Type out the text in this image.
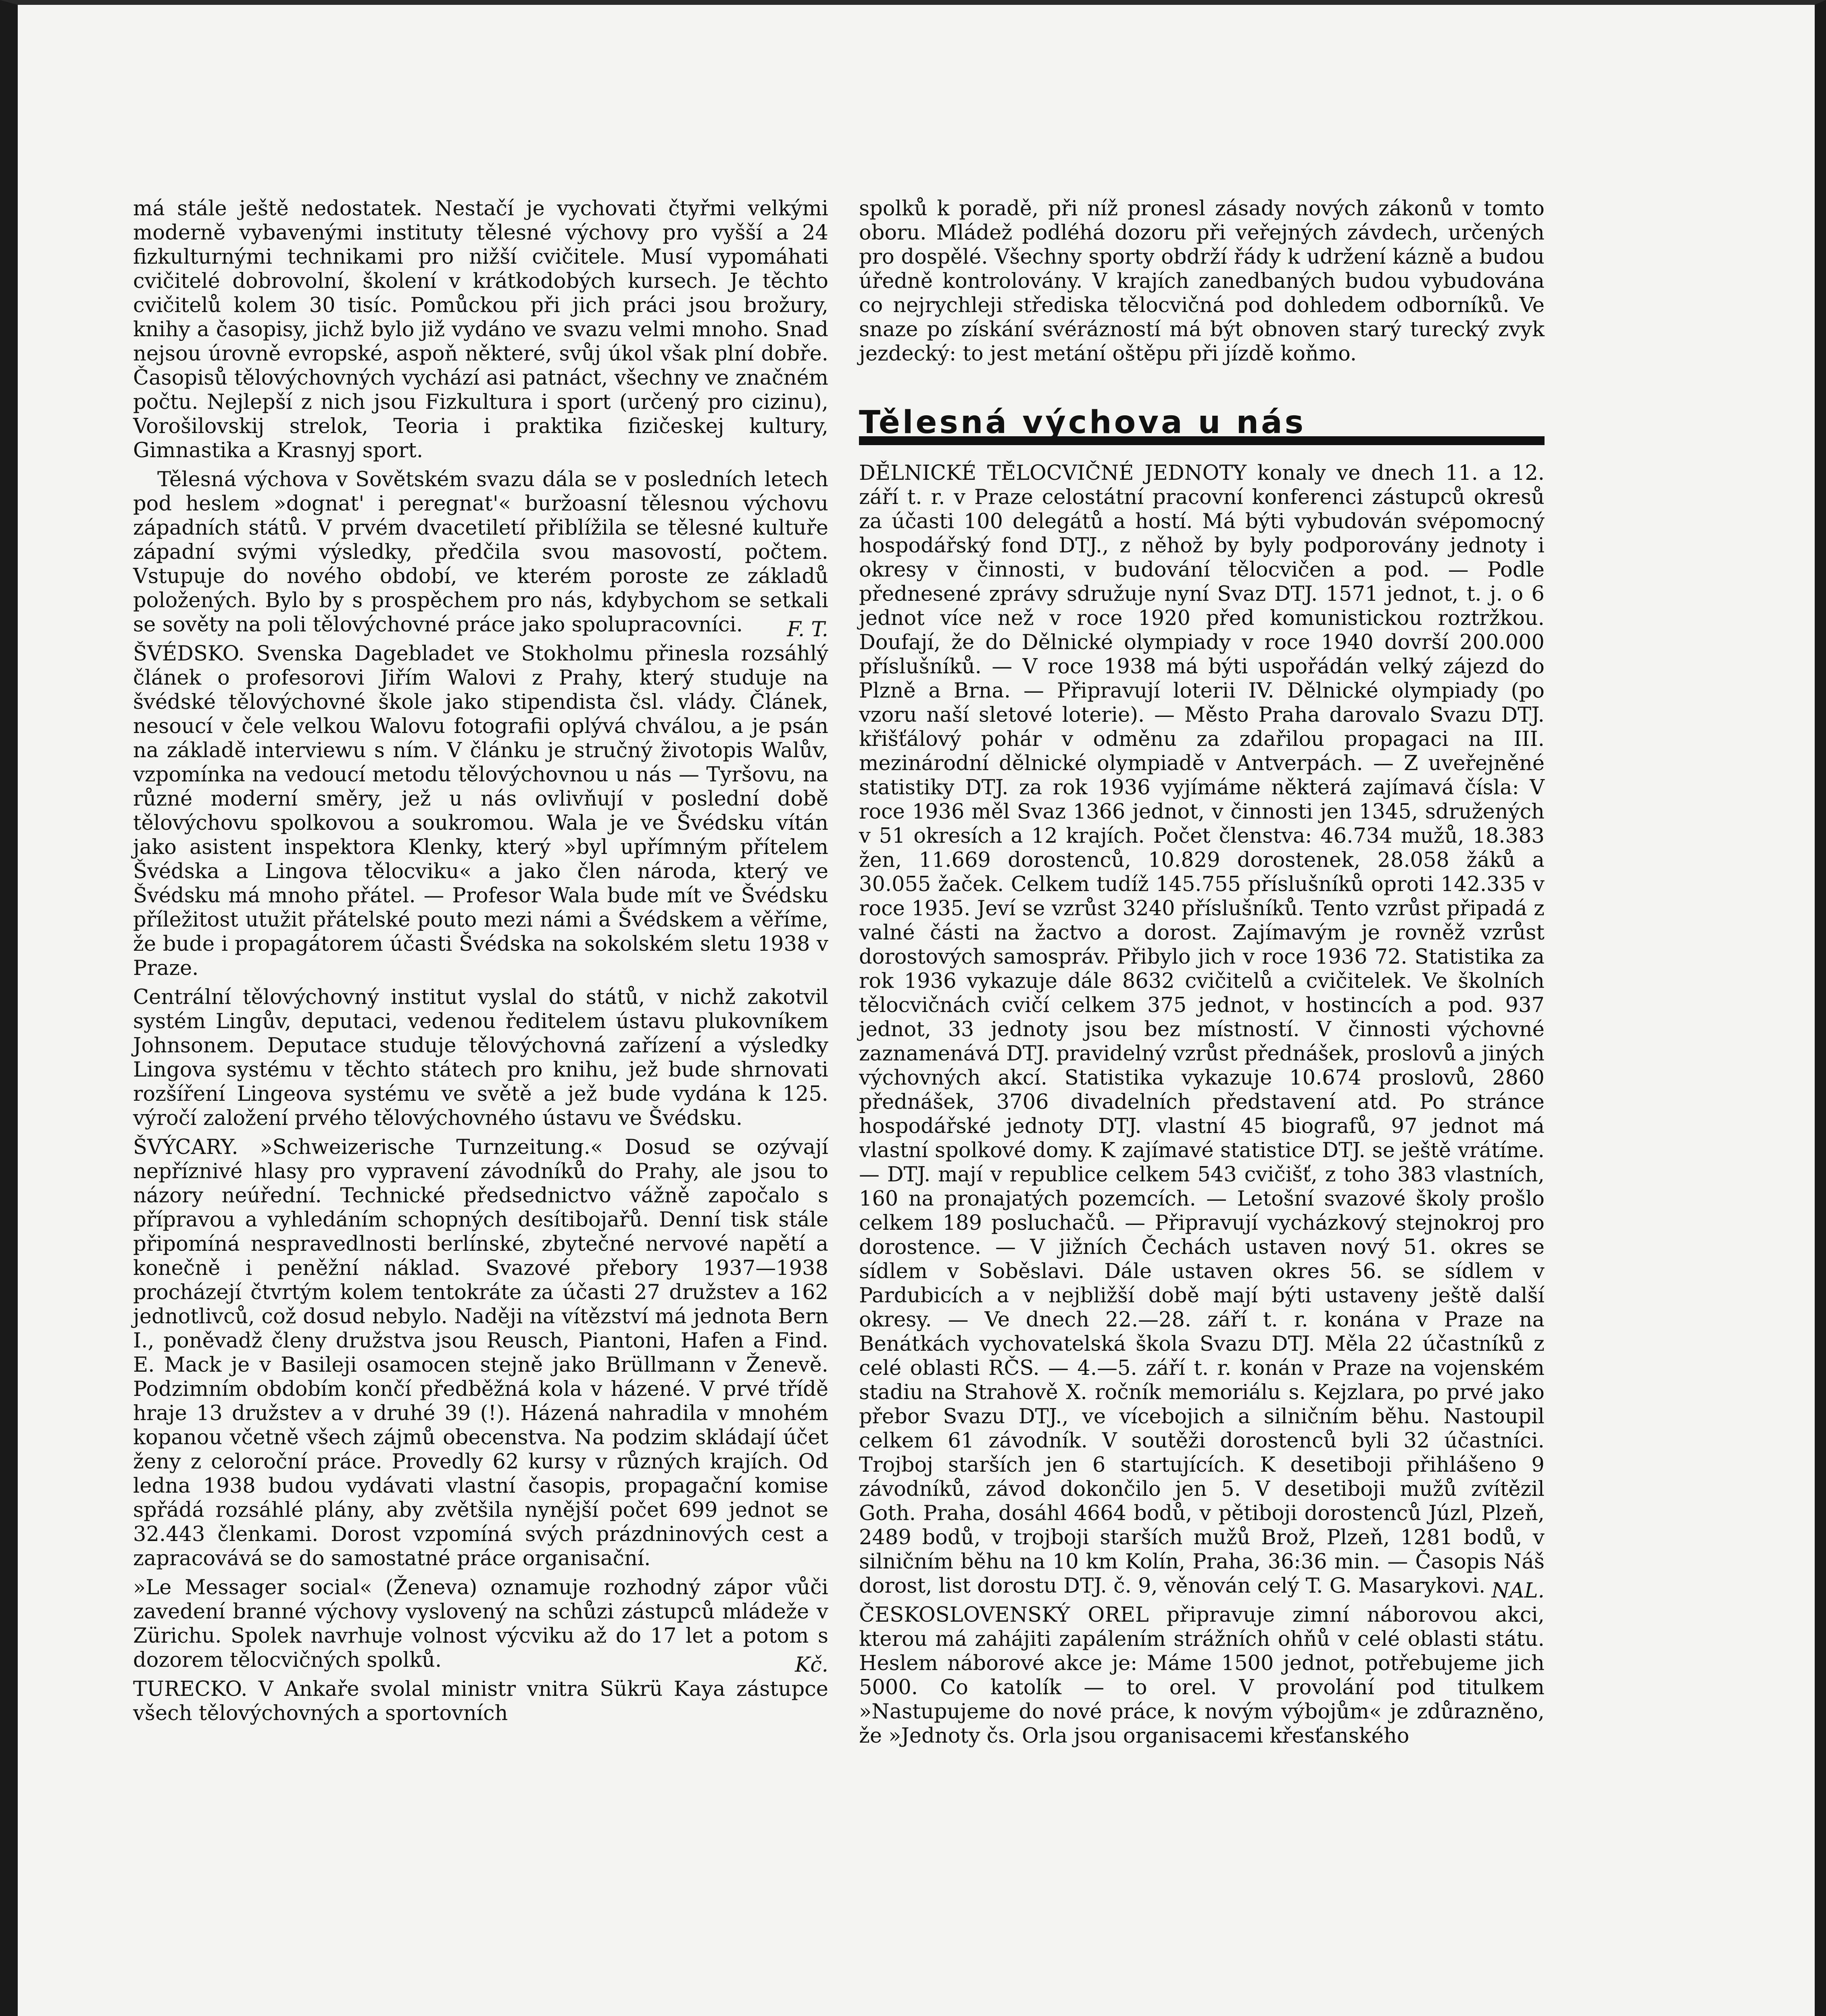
má stále ještě nedostatek. Nestačí je vychovati čtyřmi velkými moderně vybavenými instituty tělesné výchovy pro vyšší a 24 fizkulturnými technikami pro nižší cvičitele. Musí vypomáhati cvičitelé dobrovolní, školení v krátkodobých kursech. Je těchto cvičitelů kolem 30 tisíc. Pomůckou při jich práci jsou brožury, knihy a časopisy, jichž bylo již vydáno ve svazu velmi mnoho. Snad nejsou úrovně evropské, aspoň některé, svůj úkol však plní dobře. Časopisů tělovýchovných vychází asi patnáct, všechny ve značném počtu. Nejlepší z nich jsou Fizkultura i sport (určený pro cizinu), Vorošilovskij strelok, Teoria i praktika fizičeskej kultury, Gimnastika a Krasnyj sport.

Tělesná výchova v Sovětském svazu dála se v posledních letech pod heslem »dognat' i peregnat'« buržoasní tělesnou výchovu západních států. V prvém dvacetiletí přiblížila se tělesné kultuře západní svými výsledky, předčila svou masovostí, počtem. Vstupuje do nového období, ve kterém poroste ze základů položených. Bylo by s prospěchem pro nás, kdybychom se setkali se sověty na poli tělovýchovné práce jako spolupracovníci.	F. T.

ŠVÉDSKO. Svenska Dagebladet ve Stokholmu přinesla rozsáhlý článek o profesorovi Jiřím Walovi z Prahy, který studuje na švédské tělovýchovné škole jako stipendista čsl. vlády. Článek, nesoucí v čele velkou Walovu fotografii oplývá chválou, a je psán na základě interviewu s ním. V článku je stručný životopis Walův, vzpomínka na vedoucí metodu tělovýchovnou u nás — Tyršovu, na různé moderní směry, jež u nás ovlivňují v poslední době tělovýchovu spolkovou a soukromou. Wala je ve Švédsku vítán jako asistent inspektora Klenky, který »byl upřímným přítelem Švédska a Lingova tělocviku« a jako člen národa, který ve Švédsku má mnoho přátel. — Profesor Wala bude mít ve Švédsku příležitost utužit přátelské pouto mezi námi a Švédskem a věříme, že bude i propagátorem účasti Švédska na sokolském sletu 1938 v Praze.

Centrální tělovýchovný institut vyslal do států, v nichž zakotvil systém Lingův, deputaci, vedenou ředitelem ústavu plukovníkem Johnsonem. Deputace studuje tělovýchovná zařízení a výsledky Lingova systému v těchto státech pro knihu, jež bude shrnovati rozšíření Lingeova systému ve světě a jež bude vydána k 125. výročí založení prvého tělovýchovného ústavu ve Švédsku.

ŠVÝCARY. »Schweizerische Turnzeitung.« Dosud se ozývají nepříznivé hlasy pro vypravení závodníků do Prahy, ale jsou to názory neúřední. Technické předsednictvo vážně započalo s přípravou a vyhledáním schopných desítibojařů. Denní tisk stále připomíná nespravedlnosti berlínské, zbytečné nervové napětí a konečně i peněžní náklad. Svazové přebory 1937—1938 procházejí čtvrtým kolem tentokráte za účasti 27 družstev a 162 jednotlivců, což dosud nebylo. Naději na vítězství má jednota Bern I., poněvadž členy družstva jsou Reusch, Piantoni, Hafen a Find. E. Mack je v Basileji osamocen stejně jako Brüllmann v Ženevě. Podzimním obdobím končí předběžná kola v házené. V prvé třídě hraje 13 družstev a v druhé 39 (!). Házená nahradila v mnohém kopanou včetně všech zájmů obecenstva. Na podzim skládají účet ženy z celoroční práce. Provedly 62 kursy v různých krajích. Od ledna 1938 budou vydávati vlastní časopis, propagační komise spřádá rozsáhlé plány, aby zvětšila nynější počet 699 jednot se 32.443 členkami. Dorost vzpomíná svých prázdninových cest a zapracovává se do samostatné práce organisační.

»Le Messager social« (Ženeva) oznamuje rozhodný zápor vůči zavedení branné výchovy vyslovený na schůzi zástupců mládeže v Zürichu. Spolek navrhuje volnost výcviku až do 17 let a potom s dozorem tělocvičných spolků.	Kč.

TURECKO. V Ankaře svolal ministr vnitra Sükrü Kaya zástupce všech tělovýchovných a sportovních

spolků k poradě, při níž pronesl zásady nových zákonů v tomto oboru. Mládež podléhá dozoru při veřejných závdech, určených pro dospělé. Všechny sporty obdrží řády k udržení kázně a budou úředně kontrolovány. V krajích zanedbaných budou vybudována co nejrychleji střediska tělocvičná pod dohledem odborníků. Ve snaze po získání svérázností má být obnoven starý turecký zvyk jezdecký: to jest metání oštěpu při jízdě koňmo.

Tělesná výchova u nás

DĚLNICKÉ TĚLOCVIČNÉ JEDNOTY konaly ve dnech 11. a 12. září t. r. v Praze celostátní pracovní konferenci zástupců okresů za účasti 100 delegátů a hostí. Má býti vybudován svépomocný hospodářský fond DTJ., z něhož by byly podporovány jednoty i okresy v činnosti, v budování tělocvičen a pod. — Podle přednesené zprávy sdružuje nyní Svaz DTJ. 1571 jednot, t. j. o 6 jednot více než v roce 1920 před komunistickou roztržkou. Doufají, že do Dělnické olympiady v roce 1940 dovrší 200.000 příslušníků. — V roce 1938 má býti uspořádán velký zájezd do Plzně a Brna. — Připravují loterii IV. Dělnické olympiady (po vzoru naší sletové loterie). — Město Praha darovalo Svazu DTJ. křišťálový pohár v odměnu za zdařilou propagaci na III. mezinárodní dělnické olympiadě v Antverpách. — Z uveřejněné statistiky DTJ. za rok 1936 vyjímáme některá zajímavá čísla: V roce 1936 měl Svaz 1366 jednot, v činnosti jen 1345, sdružených v 51 okresích a 12 krajích. Počet členstva: 46.734 mužů, 18.383 žen, 11.669 dorostenců, 10.829 dorostenek, 28.058 žáků a 30.055 žaček. Celkem tudíž 145.755 příslušníků oproti 142.335 v roce 1935. Jeví se vzrůst 3240 příslušníků. Tento vzrůst připadá z valné části na žactvo a dorost. Zajímavým je rovněž vzrůst dorostových samospráv. Přibylo jich v roce 1936 72. Statistika za rok 1936 vykazuje dále 8632 cvičitelů a cvičitelek. Ve školních tělocvičnách cvičí celkem 375 jednot, v hostincích a pod. 937 jednot, 33 jednoty jsou bez místností. V činnosti výchovné zaznamenává DTJ. pravidelný vzrůst přednášek, proslovů a jiných výchovných akcí. Statistika vykazuje 10.674 proslovů, 2860 přednášek, 3706 divadelních představení atd. Po stránce hospodářské jednoty DTJ. vlastní 45 biografů, 97 jednot má vlastní spolkové domy. K zajímavé statistice DTJ. se ještě vrátíme. — DTJ. mají v republice celkem 543 cvičišť, z toho 383 vlastních, 160 na pronajatých pozemcích. — Letošní svazové školy prošlo celkem 189 posluchačů. — Připravují vycházkový stejnokroj pro dorostence. — V jižních Čechách ustaven nový 51. okres se sídlem v Soběslavi. Dále ustaven okres 56. se sídlem v Pardubicích a v nejbližší době mají býti ustaveny ještě další okresy. — Ve dnech 22.—28. září t. r. konána v Praze na Benátkách vychovatelská škola Svazu DTJ. Měla 22 účastníků z celé oblasti RČS. — 4.—5. září t. r. konán v Praze na vojenském stadiu na Strahově X. ročník memoriálu s. Kejzlara, po prvé jako přebor Svazu DTJ., ve vícebojich a silničním běhu. Nastoupil celkem 61 závodník. V soutěži dorostenců byli 32 účastníci. Trojboj starších jen 6 startujících. K desetiboji přihlášeno 9 závodníků, závod dokončilo jen 5. V desetiboji mužů zvítězil Goth. Praha, dosáhl 4664 bodů, v pětiboji dorostenců Júzl, Plzeň, 2489 bodů, v trojboji starších mužů Brož, Plzeň, 1281 bodů, v silničním běhu na 10 km Kolín, Praha, 36:36 min. — Časopis Náš dorost, list dorostu DTJ. č. 9, věnován celý T. G. Masarykovi. NAL.

ČESKOSLOVENSKÝ OREL připravuje zimní náborovou akci, kterou má zahájiti zapálením strážních ohňů v celé oblasti státu. Heslem náborové akce je: Máme 1500 jednot, potřebujeme jich 5000. Co katolík — to orel. V provolání pod titulkem »Nastupujeme do nové práce, k novým výbojům« je zdůrazněno, že »Jednoty čs. Orla jsou organisacemi křesťanského
